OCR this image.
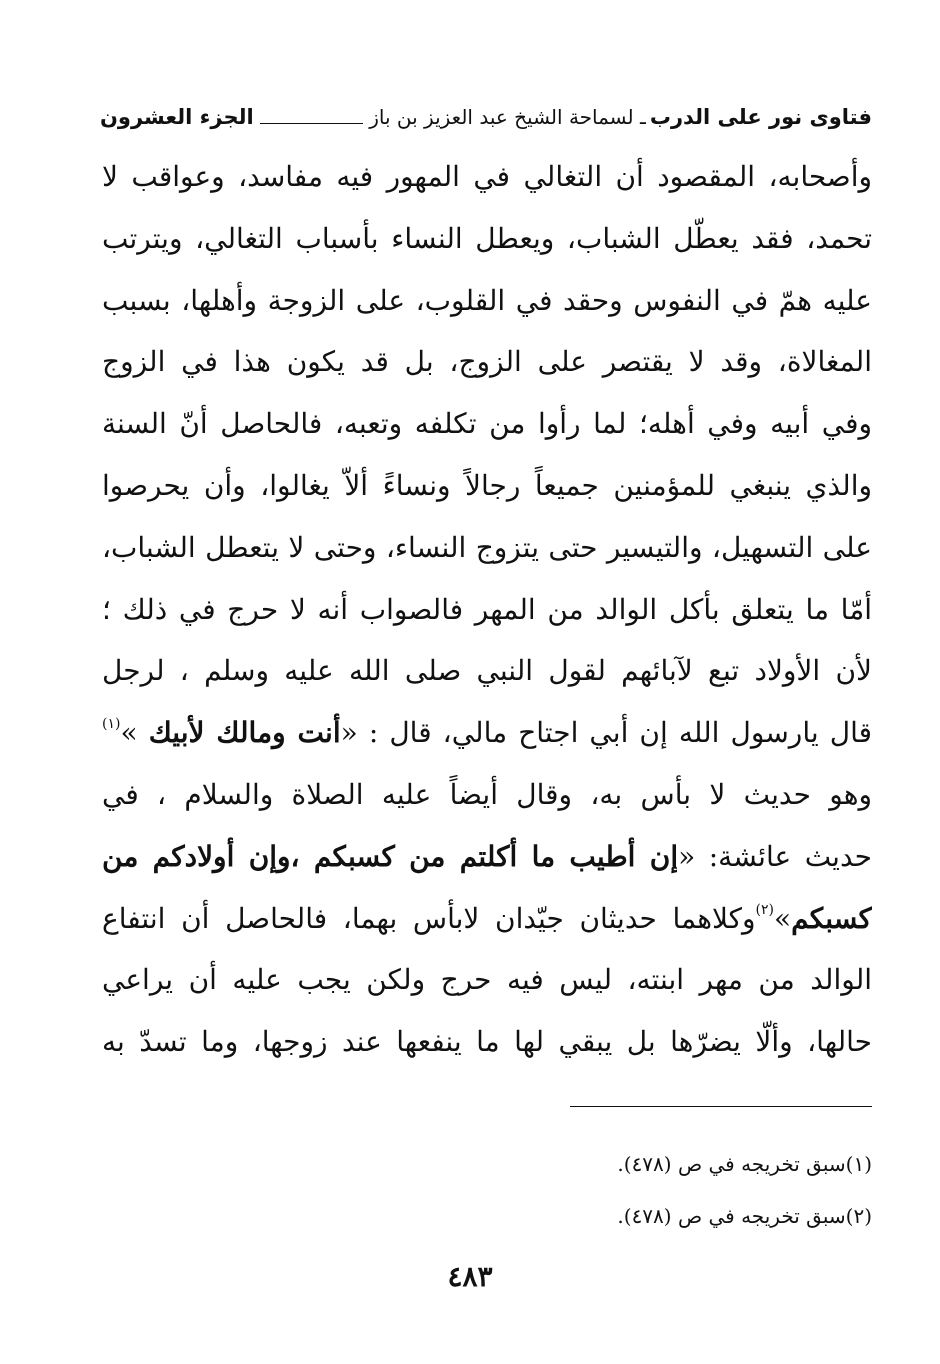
فتاوى نور على الدرب
ـ لسماحة الشيخ عبد العزيز بن باز
الجزء العشرون
وأصحابه، المقصود أن التغالي في المهور فيه مفاسد، وعواقب لا
تحمد، فقد يعطّل الشباب، ويعطل النساء بأسباب التغالي، ويترتب
عليه همّ في النفوس وحقد في القلوب، على الزوجة وأهلها، بسبب
المغالاة، وقد لا يقتصر على الزوج، بل قد يكون هذا في الزوج
وفي أبيه وفي أهله؛ لما رأوا من تكلفه وتعبه، فالحاصل أنّ السنة
والذي ينبغي للمؤمنين جميعاً رجالاً ونساءً ألاّ يغالوا، وأن يحرصوا
على التسهيل، والتيسير حتى يتزوج النساء، وحتى لا يتعطل الشباب،
أمّا ما يتعلق بأكل الوالد من المهر فالصواب أنه لا حرج في ذلك ؛
لأن الأولاد تبع لآبائهم لقول النبي صلى الله عليه وسلم ، لرجل
قال يارسول الله إن أبي اجتاح مالي، قال : «أنت ومالك لأبيك »$^{(١)}$
وهو حديث لا بأس به، وقال أيضاً عليه الصلاة والسلام ، في
حديث عائشة: «إن أطيب ما أكلتم من كسبكم ،وإن أولادكم من
كسبكم»$^{(٢)}$وكلاهما حديثان جيّدان لابأس بهما، فالحاصل أن انتفاع
الوالد من مهر ابنته، ليس فيه حرج ولكن يجب عليه أن يراعي
حالها، وألّا يضرّها بل يبقي لها ما ينفعها عند زوجها، وما تسدّ به
(١)سبق تخريجه في ص (٤٧٨).
(٢)سبق تخريجه في ص (٤٧٨).
٤٨٣
